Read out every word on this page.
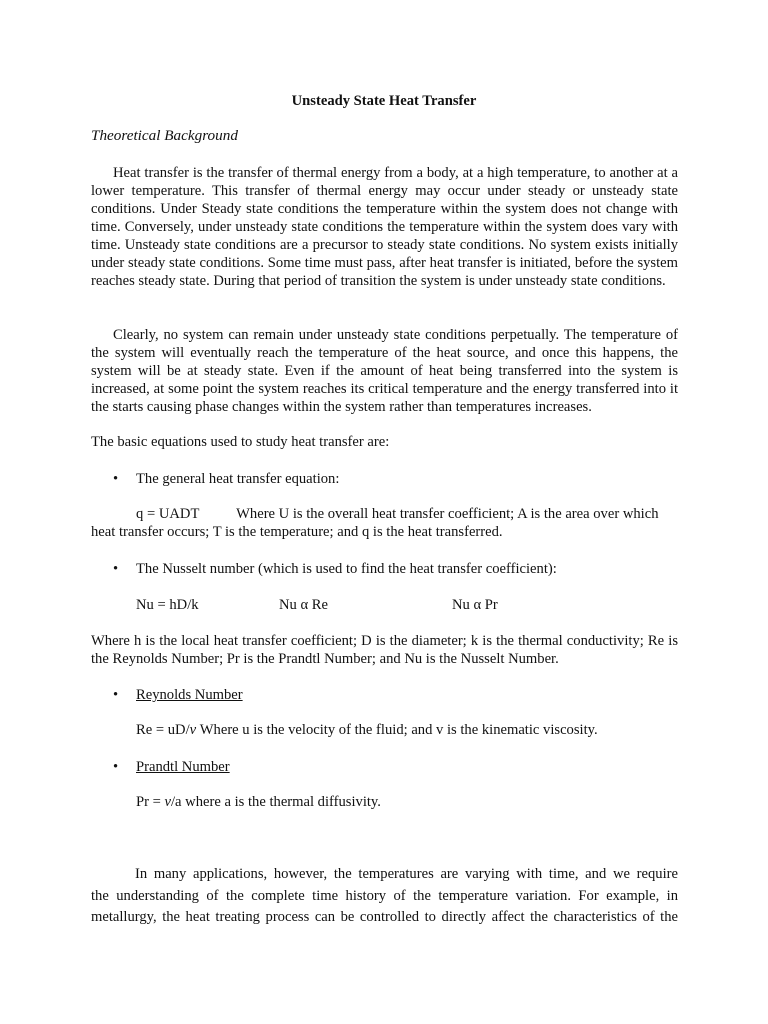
Unsteady State Heat Transfer
Theoretical Background

Heat transfer is the transfer of thermal energy from a body, at a high temperature, to another at a lower temperature. This transfer of thermal energy may occur under steady or unsteady state conditions. Under Steady state conditions the temperature within the system does not change with time. Conversely, under unsteady state conditions the temperature within the system does vary with time. Unsteady state conditions are a precursor to steady state conditions. No system exists initially under steady state conditions. Some time must pass, after heat transfer is initiated, before the system reaches steady state. During that period of transition the system is under unsteady state conditions.

Clearly, no system can remain under unsteady state conditions perpetually. The temperature of the system will eventually reach the temperature of the heat source, and once this happens, the system will be at steady state. Even if the amount of heat being transferred into the system is increased, at some point the system reaches its critical temperature and the energy transferred into it the starts causing phase changes within the system rather than temperatures increases.

The basic equations used to study heat transfer are:
• The general heat transfer equation:
q = UADT	Where U is the overall heat transfer coefficient; A is the area over which
heat transfer occurs; T is the temperature; and q is the heat transferred.
• The Nusselt number (which is used to find the heat transfer coefficient):
Nu = hD/k	Nu α Re	Nu α Pr

Where h is the local heat transfer coefficient; D is the diameter; k is the thermal conductivity; Re is the Reynolds Number; Pr is the Prandtl Number; and Nu is the Nusselt Number.

• Reynolds Number
Re = uD/ν Where u is the velocity of the fluid; and v is the kinematic viscosity.
• Prandtl Number
Pr = ν/a where a is the thermal diffusivity.
In many applications, however, the temperatures are varying with time, and we require
the understanding of the complete time history of the temperature variation. For example, in
metallurgy, the heat treating process can be controlled to directly affect the characteristics of the
